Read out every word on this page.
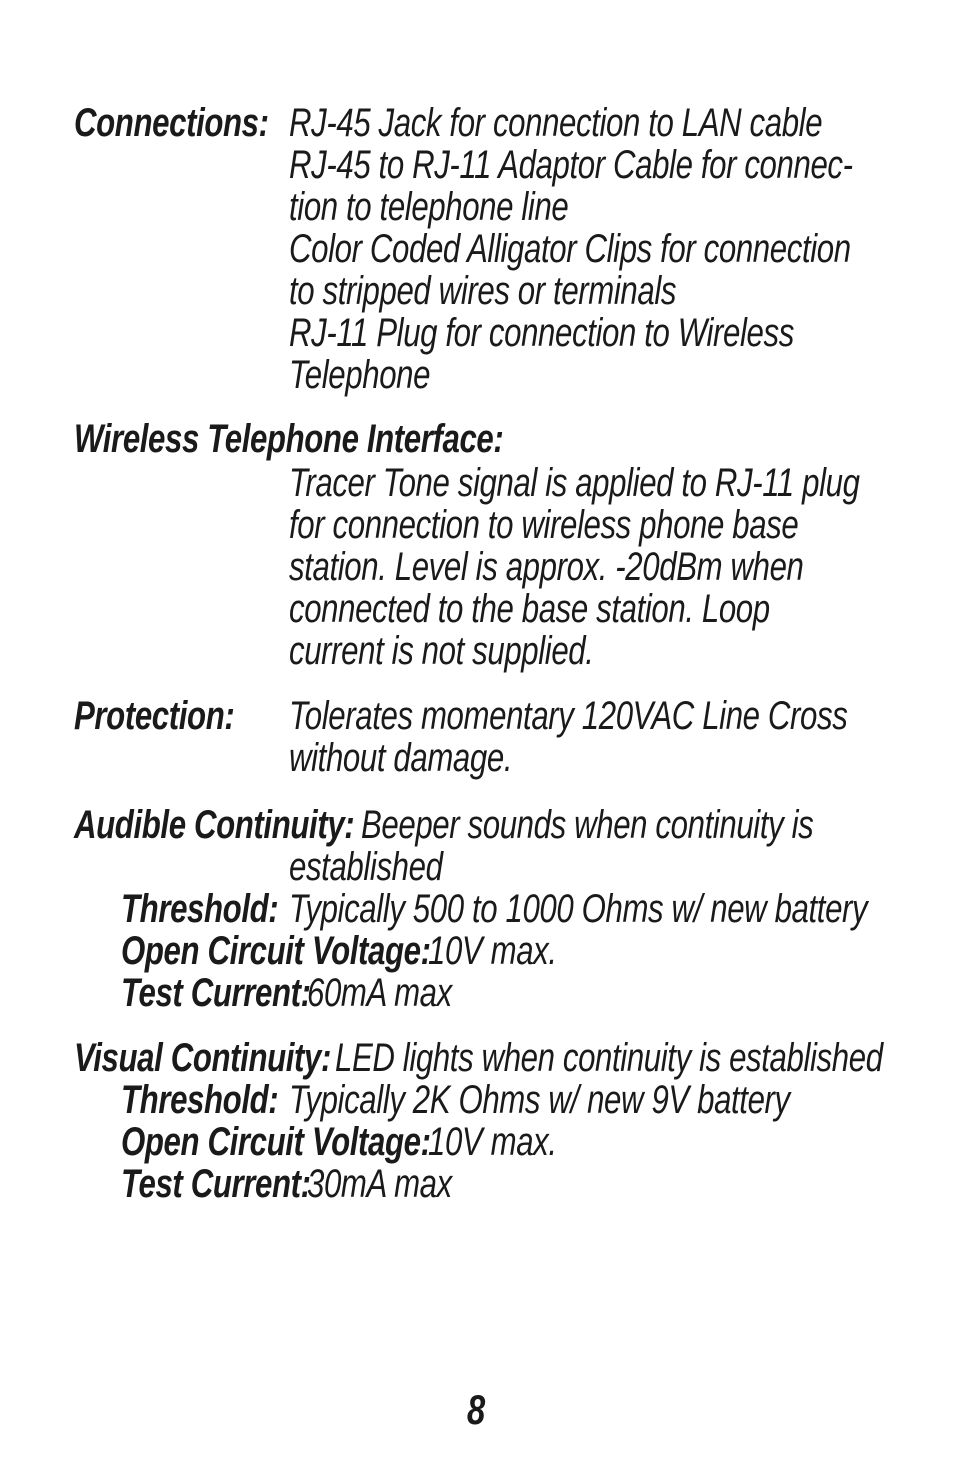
Connections: RJ-45 Jack for connection to LAN cable
RJ-45 to RJ-11 Adaptor Cable for connec-
tion to telephone line
Color Coded Alligator Clips for connection
to stripped wires or terminals
RJ-11 Plug for connection to Wireless
Telephone
Wireless Telephone Interface:
Tracer Tone signal is applied to RJ-11 plug
for connection to wireless phone base
station. Level is approx. -20dBm when
connected to the base station. Loop
current is not supplied.
Protection:	Tolerates momentary 120VAC Line Cross
without damage.
Audible Continuity: Beeper sounds when continuity is
established
Threshold: Typically 500 to 1000 Ohms w/ new battery
Open Circuit Voltage:
10V max.
Test Current:
60mA max
Visual Continuity: LED lights when continuity is established
Threshold: Typically 2K Ohms w/ new 9V battery
Open Circuit Voltage:
10V max.
Test Current:
30mA max
8
